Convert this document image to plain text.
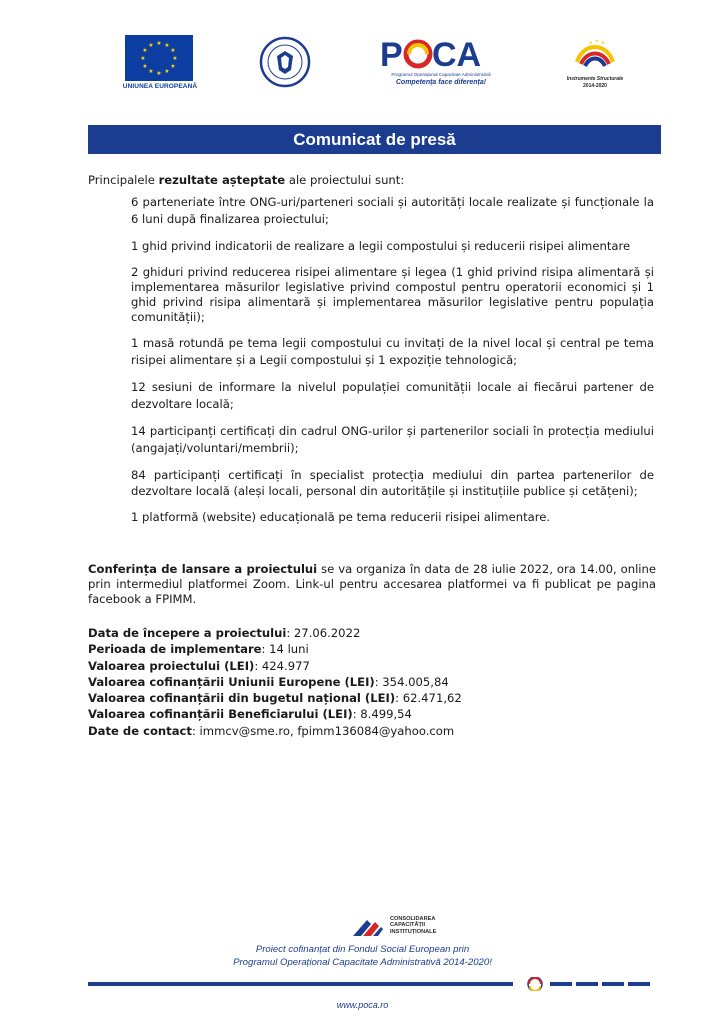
★ ★
★
★
★
★
★
★
★
★
★
★
UNIUNEA EUROPEANĂ
P CA
Programul Operațional Capacitate Administrativă
Competența face diferența!
★ ★ ★
Instrumente Structurale
2014-2020
Comunicat de presă
Principalele rezultate așteptate ale proiectului sunt:
6 parteneriate între ONG-uri/parteneri sociali și autorități locale realizate și funcționale la 6 luni după finalizarea proiectului;
1 ghid privind indicatorii de realizare a legii compostului și reducerii risipei alimentare
2 ghiduri privind reducerea risipei alimentare și legea (1 ghid privind risipa alimentară și implementarea măsurilor legislative privind compostul pentru operatorii economici și 1 ghid privind risipa alimentară și implementarea măsurilor legislative pentru populația comunității);
1 masă rotundă pe tema legii compostului cu invitați de la nivel local și central pe tema risipei alimentare și a Legii compostului și 1 expoziție tehnologică;
12 sesiuni de informare la nivelul populației comunității locale ai fiecărui partener de dezvoltare locală;
14 participanți certificați din cadrul ONG-urilor și partenerilor sociali în protecția mediului (angajați/voluntari/membrii);
84 participanți certificați în specialist protecția mediului din partea partenerilor de dezvoltare locală (aleși locali, personal din autoritățile și instituțiile publice și cetățeni);
1 platformă (website) educațională pe tema reducerii risipei alimentare.
Conferința de lansare a proiectului se va organiza în data de 28 iulie 2022, ora 14.00, online prin intermediul platformei Zoom. Link-ul pentru accesarea platformei va fi publicat pe pagina facebook a FPIMM.
Data de începere a proiectului: 27.06.2022
Perioada de implementare: 14 luni
Valoarea proiectului (LEI): 424.977
Valoarea cofinanțării Uniunii Europene (LEI): 354.005,84
Valoarea cofinanțării din bugetul național (LEI): 62.471,62
Valoarea cofinanțării Beneficiarului (LEI): 8.499,54
Date de contact: immcv@sme.ro, fpimm136084@yahoo.com
CONSOLIDAREA
CAPACITĂȚII
INSTITUȚIONALE
Proiect cofinanțat din Fondul Social European prin
Programul Operațional Capacitate Administrativă 2014-2020!
www.poca.ro
